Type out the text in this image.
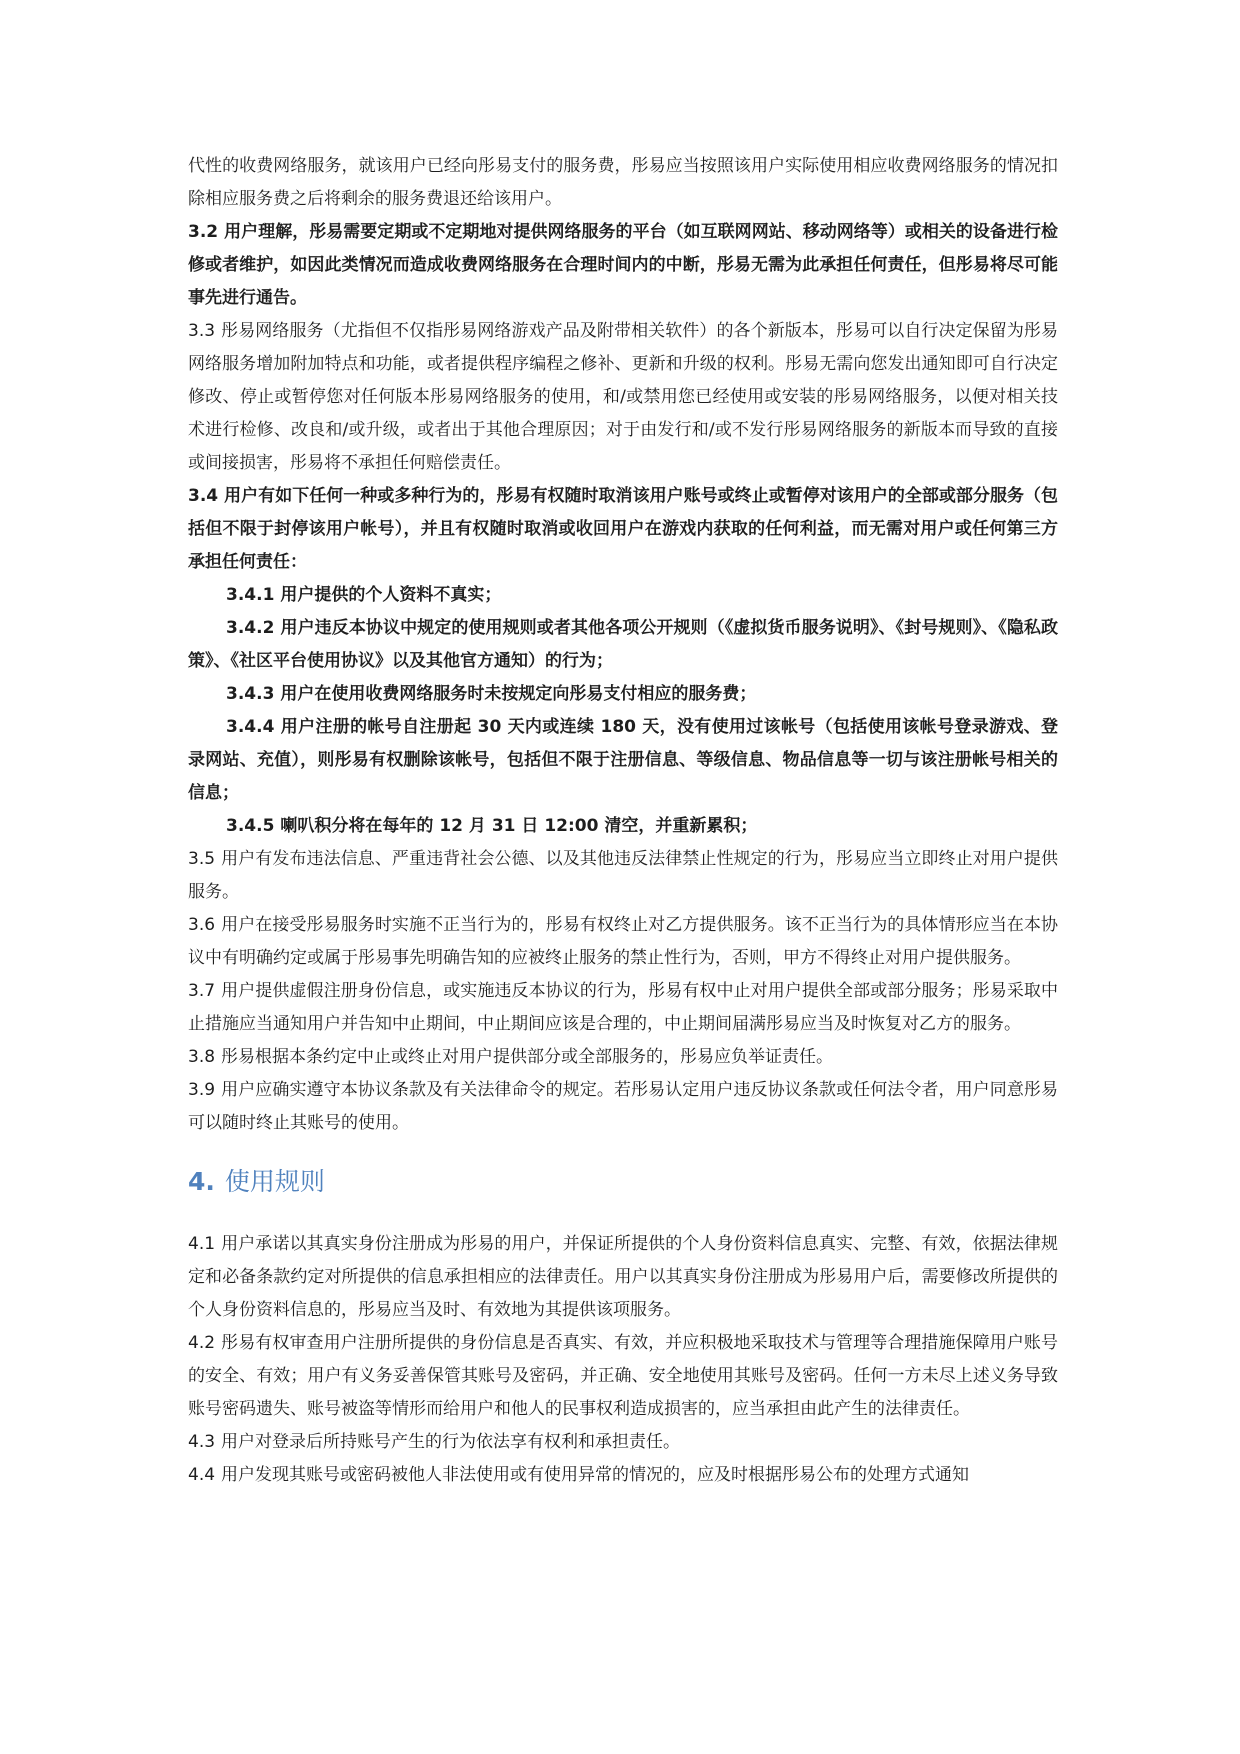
代性的收费网络服务，就该用户已经向彤易支付的服务费，彤易应当按照该用户实际使用相应收费网络服务的情况扣除相应服务费之后将剩余的服务费退还给该用户。
3.2 用户理解，彤易需要定期或不定期地对提供网络服务的平台（如互联网网站、移动网络等）或相关的设备进行检修或者维护，如因此类情况而造成收费网络服务在合理时间内的中断，彤易无需为此承担任何责任，但彤易将尽可能事先进行通告。
3.3 彤易网络服务（尤指但不仅指彤易网络游戏产品及附带相关软件）的各个新版本，彤易可以自行决定保留为彤易网络服务增加附加特点和功能，或者提供程序编程之修补、更新和升级的权利。彤易无需向您发出通知即可自行决定修改、停止或暂停您对任何版本彤易网络服务的使用，和/或禁用您已经使用或安装的彤易网络服务，以便对相关技术进行检修、改良和/或升级，或者出于其他合理原因；对于由发行和/或不发行彤易网络服务的新版本而导致的直接或间接损害，彤易将不承担任何赔偿责任。
3.4 用户有如下任何一种或多种行为的，彤易有权随时取消该用户账号或终止或暂停对该用户的全部或部分服务（包括但不限于封停该用户帐号），并且有权随时取消或收回用户在游戏内获取的任何利益，而无需对用户或任何第三方承担任何责任：
3.4.1 用户提供的个人资料不真实；
3.4.2 用户违反本协议中规定的使用规则或者其他各项公开规则（《虚拟货币服务说明》、《封号规则》、《隐私政策》、《社区平台使用协议》以及其他官方通知）的行为；
3.4.3 用户在使用收费网络服务时未按规定向彤易支付相应的服务费；
3.4.4 用户注册的帐号自注册起 30 天内或连续 180 天，没有使用过该帐号（包括使用该帐号登录游戏、登录网站、充值），则彤易有权删除该帐号，包括但不限于注册信息、等级信息、物品信息等一切与该注册帐号相关的信息；
3.4.5 喇叭积分将在每年的 12 月 31 日 12:00 清空，并重新累积；
3.5 用户有发布违法信息、严重违背社会公德、以及其他违反法律禁止性规定的行为，彤易应当立即终止对用户提供服务。
3.6 用户在接受彤易服务时实施不正当行为的，彤易有权终止对乙方提供服务。该不正当行为的具体情形应当在本协议中有明确约定或属于彤易事先明确告知的应被终止服务的禁止性行为，否则，甲方不得终止对用户提供服务。
3.7 用户提供虚假注册身份信息，或实施违反本协议的行为，彤易有权中止对用户提供全部或部分服务；彤易采取中止措施应当通知用户并告知中止期间，中止期间应该是合理的，中止期间届满彤易应当及时恢复对乙方的服务。
3.8 彤易根据本条约定中止或终止对用户提供部分或全部服务的，彤易应负举证责任。
3.9 用户应确实遵守本协议条款及有关法律命令的规定。若彤易认定用户违反协议条款或任何法令者，用户同意彤易可以随时终止其账号的使用。
4. 使用规则
4.1 用户承诺以其真实身份注册成为彤易的用户，并保证所提供的个人身份资料信息真实、完整、有效，依据法律规定和必备条款约定对所提供的信息承担相应的法律责任。用户以其真实身份注册成为彤易用户后，需要修改所提供的个人身份资料信息的，彤易应当及时、有效地为其提供该项服务。
4.2 彤易有权审查用户注册所提供的身份信息是否真实、有效，并应积极地采取技术与管理等合理措施保障用户账号的安全、有效；用户有义务妥善保管其账号及密码，并正确、安全地使用其账号及密码。任何一方未尽上述义务导致账号密码遗失、账号被盗等情形而给用户和他人的民事权利造成损害的，应当承担由此产生的法律责任。
4.3 用户对登录后所持账号产生的行为依法享有权利和承担责任。
4.4 用户发现其账号或密码被他人非法使用或有使用异常的情况的，应及时根据彤易公布的处理方式通知
